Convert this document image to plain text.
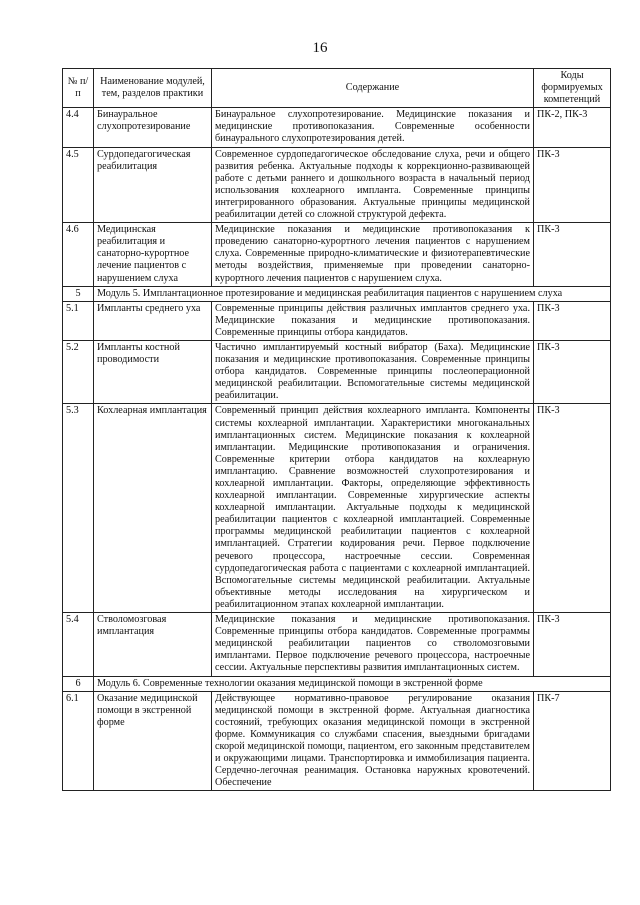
16
№ п/п	Наименование модулей, тем, разделов практики	Содержание	Коды формируемых компетенций
4.4	Бинауральное слухопротезирование	Бинауральное слухопротезирование. Медицинские показания и медицинские противопоказания. Современные особенности бинаурального слухопротезирования детей.	ПК-2, ПК-3
4.5	Сурдопедагогическая реабилитация	Современное сурдопедагогическое обследование слуха, речи и общего развития ребенка. Актуальные подходы к коррекционно-развивающей работе с детьми раннего и дошкольного возраста в начальный период использования кохлеарного импланта. Современные принципы интегрированного образования. Актуальные принципы медицинской реабилитации детей со сложной структурой дефекта.	ПК-3
4.6	Медицинская реабилитация и санаторно-курортное лечение пациентов с нарушением слуха	Медицинские показания и медицинские противопоказания к проведению санаторно-курортного лечения пациентов с нарушением слуха. Современные природно-климатические и физиотерапевтические методы воздействия, применяемые при проведении санаторно-курортного лечения пациентов с нарушением слуха.	ПК-3
5	Модуль 5. Имплантационное протезирование и медицинская реабилитация пациентов с нарушением слуха		
5.1	Импланты среднего уха	Современные принципы действия различных имплантов среднего уха. Медицинские показания и медицинские противопоказания. Современные принципы отбора кандидатов.	ПК-3
5.2	Импланты костной проводимости	Частично имплантируемый костный вибратор (Баха). Медицинские показания и медицинские противопоказания. Современные принципы отбора кандидатов. Современные принципы послеоперационной медицинской реабилитации. Вспомогательные системы медицинской реабилитации.	ПК-3
5.3	Кохлеарная имплантация	Современный принцип действия кохлеарного импланта. Компоненты системы кохлеарной имплантации. Характеристики многоканальных имплантационных систем. Медицинские показания к кохлеарной имплантации. Медицинские противопоказания и ограничения. Современные критерии отбора кандидатов на кохлеарную имплантацию. Сравнение возможностей слухопротезирования и кохлеарной имплантации. Факторы, определяющие эффективность кохлеарной имплантации. Современные хирургические аспекты кохлеарной имплантации. Актуальные подходы к медицинской реабилитации пациентов с кохлеарной имплантацией. Современные программы медицинской реабилитации пациентов с кохлеарной имплантацией. Стратегии кодирования речи. Первое подключение речевого процессора, настроечные сессии. Современная сурдопедагогическая работа с пациентами с кохлеарной имплантацией. Вспомогательные системы медицинской реабилитации. Актуальные объективные методы исследования на хирургическом и реабилитационном этапах кохлеарной имплантации.	ПК-3
5.4	Стволомозговая имплантация	Медицинские показания и медицинские противопоказания. Современные принципы отбора кандидатов. Современные программы медицинской реабилитации пациентов со стволомозговыми имплантами. Первое подключение речевого процессора, настроечные сессии. Актуальные перспективы развития имплантационных систем.	ПК-3
6	Модуль 6. Современные технологии оказания медицинской помощи в экстренной форме		
6.1	Оказание медицинской помощи в экстренной форме	Действующее нормативно-правовое регулирование оказания медицинской помощи в экстренной форме. Актуальная диагностика состояний, требующих оказания медицинской помощи в экстренной форме. Коммуникация со службами спасения, выездными бригадами скорой медицинской помощи, пациентом, его законным представителем и окружающими лицами. Транспортировка и иммобилизация пациента. Сердечно-легочная реанимация. Остановка наружных кровотечений. Обеспечение	ПК-7
